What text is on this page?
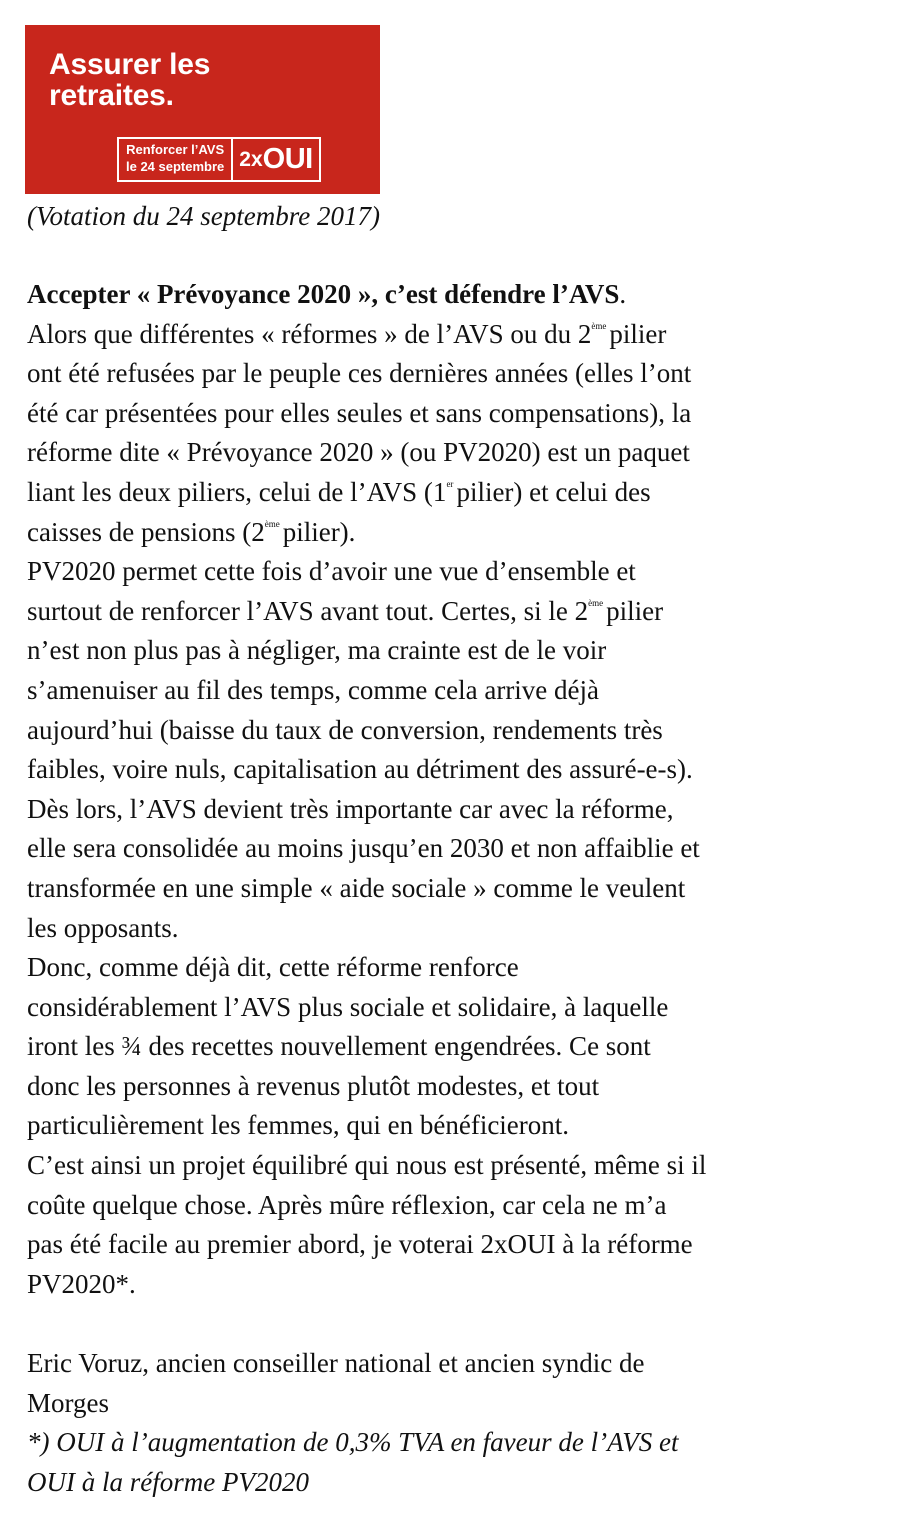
Assurer les
retraites.
Renforcer l’AVS
le 24 septembre 2x OUI
(Votation du 24 septembre 2017)
Accepter « Prévoyance 2020 », c’est défendre l’AVS.
Alors que différentes « réformes » de l’AVS ou du 2ème pilier
ont été refusées par le peuple ces dernières années (elles l’ont
été car présentées pour elles seules et sans compensations), la
réforme dite « Prévoyance 2020 » (ou PV2020) est un paquet
liant les deux piliers, celui de l’AVS (1er pilier) et celui des
caisses de pensions (2ème pilier).
PV2020 permet cette fois d’avoir une vue d’ensemble et
surtout de renforcer l’AVS avant tout. Certes, si le 2ème pilier
n’est non plus pas à négliger, ma crainte est de le voir
s’amenuiser au fil des temps, comme cela arrive déjà
aujourd’hui (baisse du taux de conversion, rendements très
faibles, voire nuls, capitalisation au détriment des assuré-e-s).
Dès lors, l’AVS devient très importante car avec la réforme,
elle sera consolidée au moins jusqu’en 2030 et non affaiblie et
transformée en une simple « aide sociale » comme le veulent
les opposants.
Donc, comme déjà dit, cette réforme renforce
considérablement l’AVS plus sociale et solidaire, à laquelle
iront les ¾ des recettes nouvellement engendrées. Ce sont
donc les personnes à revenus plutôt modestes, et tout
particulièrement les femmes, qui en bénéficieront.
C’est ainsi un projet équilibré qui nous est présenté, même si il
coûte quelque chose. Après mûre réflexion, car cela ne m’a
pas été facile au premier abord, je voterai 2xOUI à la réforme
PV2020*.
Eric Voruz, ancien conseiller national et ancien syndic de
Morges
*) OUI à l’augmentation de 0,3% TVA en faveur de l’AVS et
OUI à la réforme PV2020
